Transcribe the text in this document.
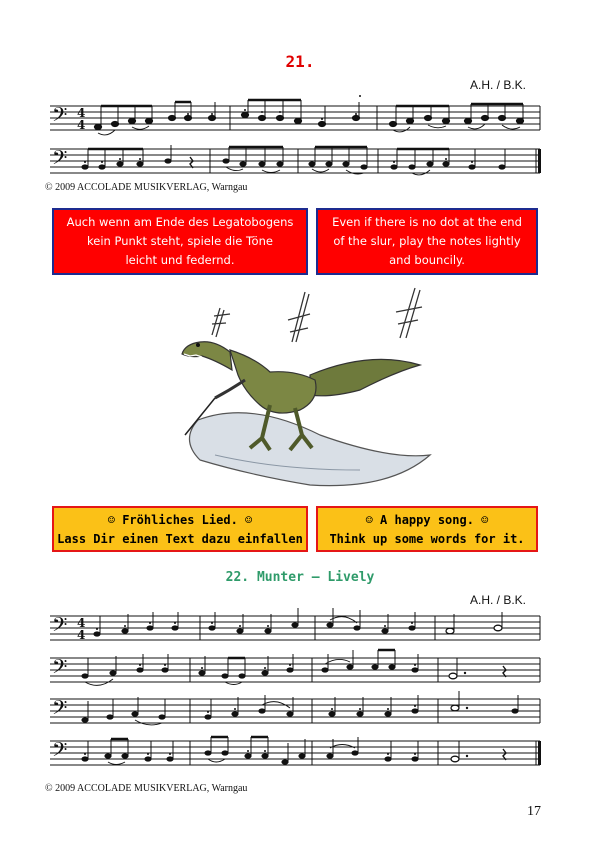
21.
A.H. / B.K.
𝄢 4
4
𝄢
© 2009 ACCOLADE MUSIKVERLAG, Warngau
Auch wenn am Ende des Legatobogens
kein Punkt steht, spiele die Töne
leicht und federnd.
Even if there is no dot at the end
of the slur, play the notes lightly
and bouncily.
☺ Fröhliches Lied. ☺
Lass Dir einen Text dazu einfallen
☺ A happy song. ☺
Think up some words for it.
22. Munter – Lively
A.H. / B.K.
𝄢 4
4
𝄢
𝄢
𝄢
© 2009 ACCOLADE MUSIKVERLAG, Warngau
17
